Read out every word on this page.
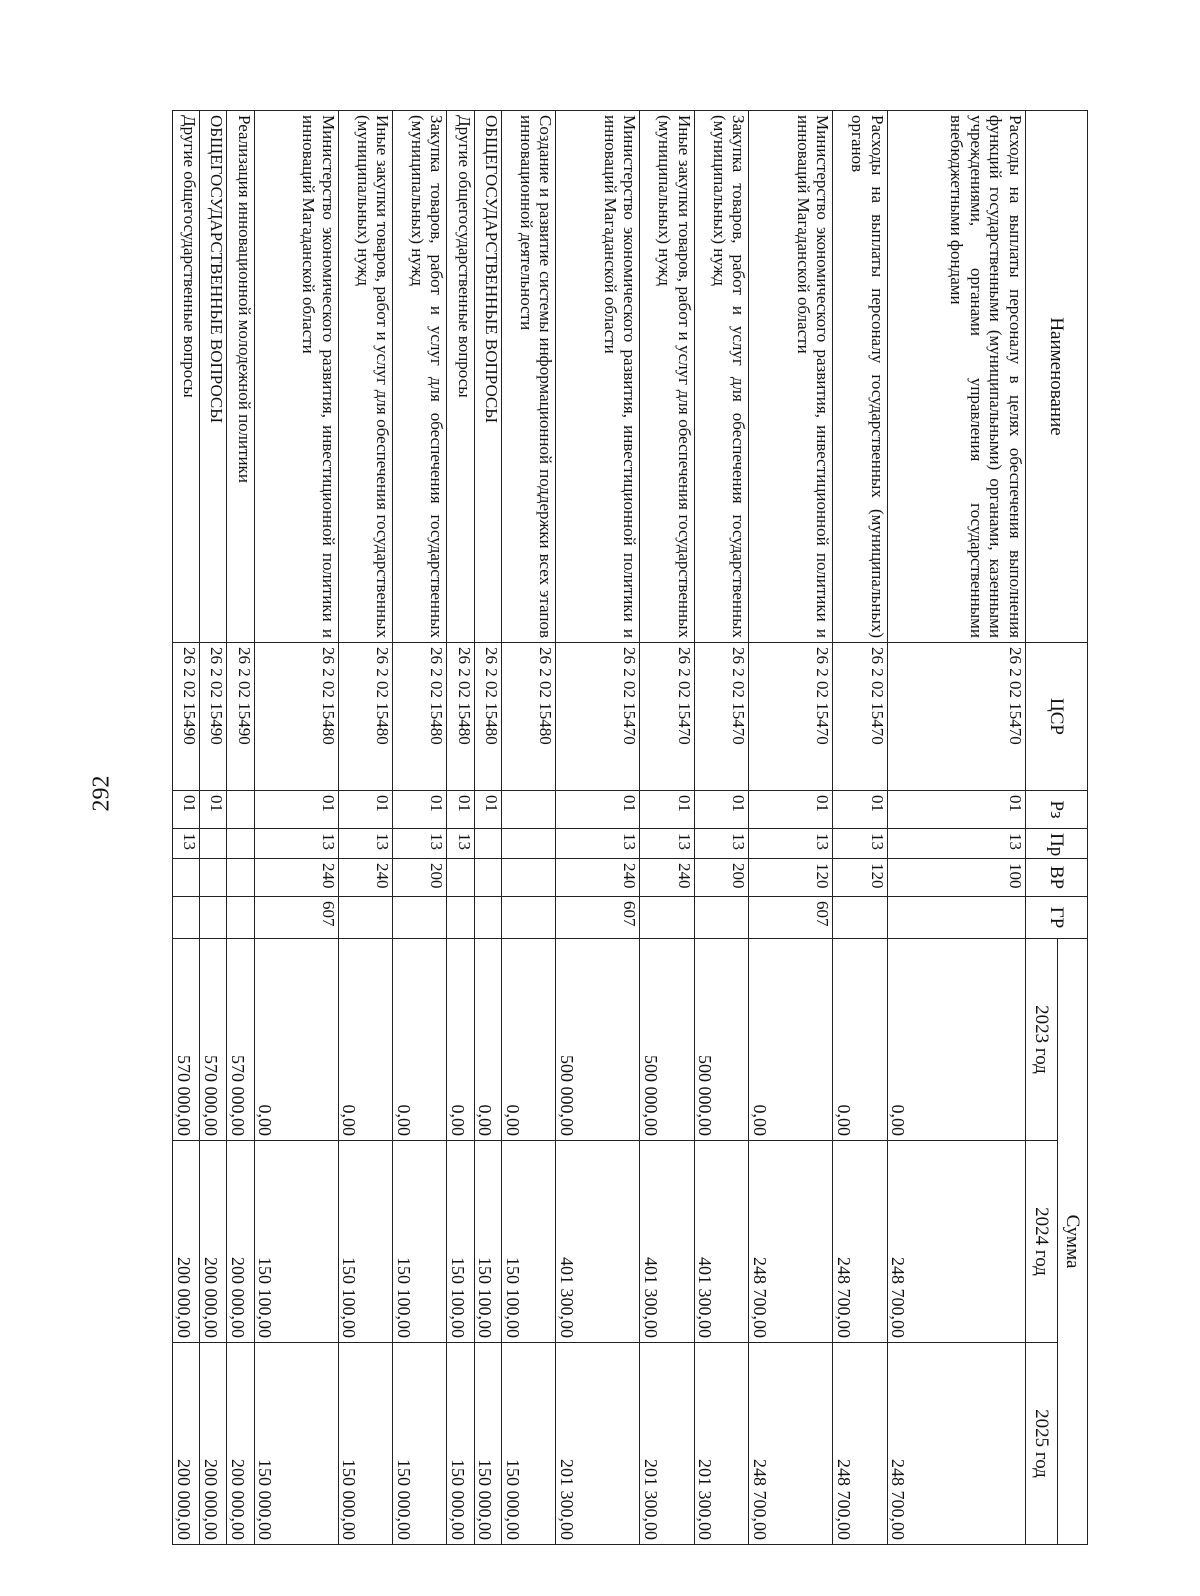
292
Наименование	ЦСР	Рз	Пр	ВР	ГР	Сумма		
						2023 год	2024 год	2025 год
Расходы на выплаты персоналу в целях обеспечения выполнения функций государственными (муниципальными) органами, казенными учреждениями, органами управления государственными внебюджетными фондами	26 2 02 15470	01	13	100		0,00	248 700,00	248 700,00
Расходы на выплаты персоналу государственных (муниципальных) органов	26 2 02 15470	01	13	120		0,00	248 700,00	248 700,00
Министерство экономического развития, инвестиционной политики и инноваций Магаданской области	26 2 02 15470	01	13	120	607	0,00	248 700,00	248 700,00
Закупка товаров, работ и услуг для обеспечения государственных (муниципальных) нужд	26 2 02 15470	01	13	200		500 000,00	401 300,00	201 300,00
Иные закупки товаров, работ и услуг для обеспечения государственных (муниципальных) нужд	26 2 02 15470	01	13	240		500 000,00	401 300,00	201 300,00
Министерство экономического развития, инвестиционной политики и инноваций Магаданской области	26 2 02 15470	01	13	240	607	500 000,00	401 300,00	201 300,00
Создание и развитие системы информационной поддержки всех этапов инновационной деятельности	26 2 02 15480					0,00	150 100,00	150 000,00
ОБЩЕГОСУДАРСТВЕННЫЕ ВОПРОСЫ	26 2 02 15480	01				0,00	150 100,00	150 000,00
Другие общегосударственные вопросы	26 2 02 15480	01	13			0,00	150 100,00	150 000,00
Закупка товаров, работ и услуг для обеспечения государственных (муниципальных) нужд	26 2 02 15480	01	13	200		0,00	150 100,00	150 000,00
Иные закупки товаров, работ и услуг для обеспечения государственных (муниципальных) нужд	26 2 02 15480	01	13	240		0,00	150 100,00	150 000,00
Министерство экономического развития, инвестиционной политики и инноваций Магаданской области	26 2 02 15480	01	13	240	607	0,00	150 100,00	150 000,00
Реализация инновационной молодежной политики	26 2 02 15490					570 000,00	200 000,00	200 000,00
ОБЩЕГОСУДАРСТВЕННЫЕ ВОПРОСЫ	26 2 02 15490	01				570 000,00	200 000,00	200 000,00
Другие общегосударственные вопросы	26 2 02 15490	01	13			570 000,00	200 000,00	200 000,00
